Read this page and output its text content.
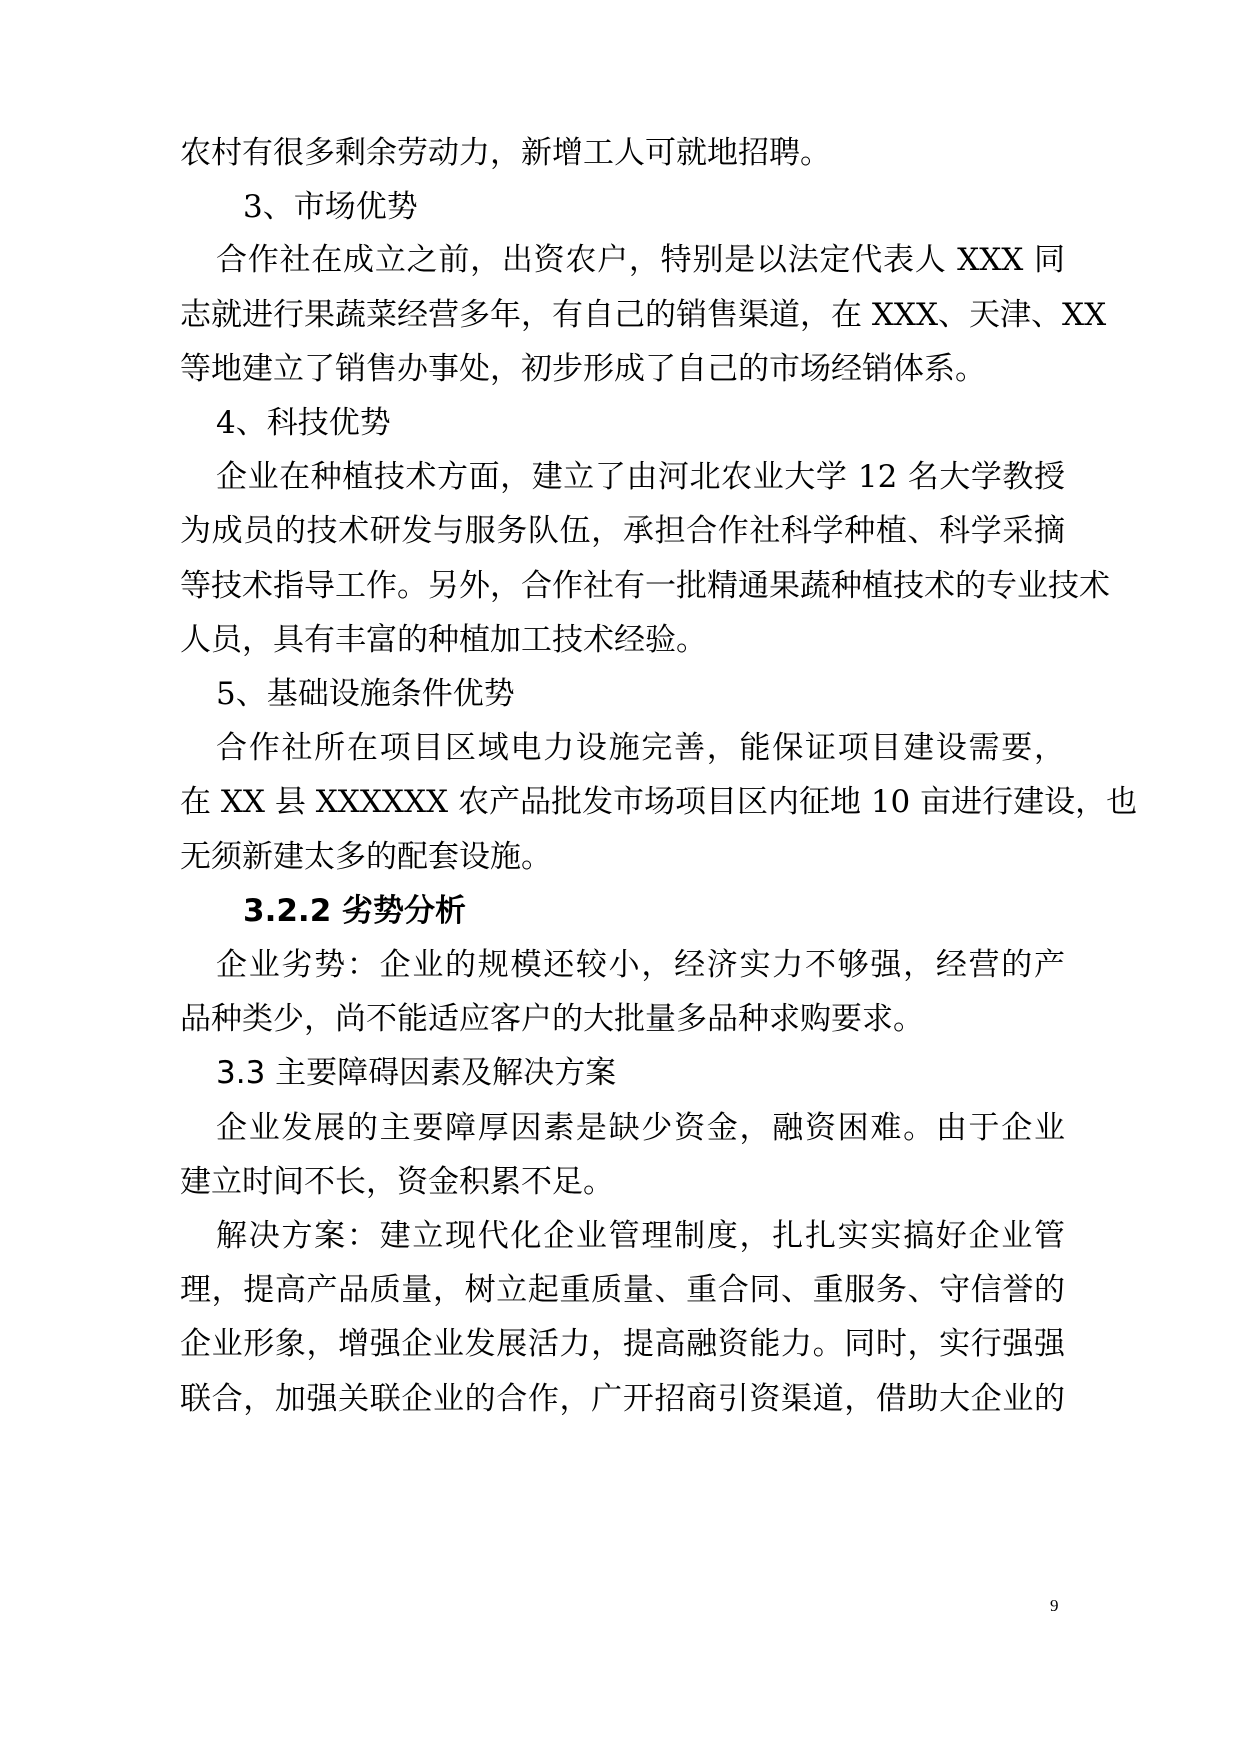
农村有很多剩余劳动力，新增工人可就地招聘。
3、市场优势
合作社在成立之前，出资农户，特别是以法定代表人 XXX 同
志就进行果蔬菜经营多年，有自己的销售渠道，在 XXX、天津、XX
等地建立了销售办事处，初步形成了自己的市场经销体系。
4、科技优势
企业在种植技术方面，建立了由河北农业大学 12 名大学教授
为成员的技术研发与服务队伍，承担合作社科学种植、科学采摘
等技术指导工作。另外，合作社有一批精通果蔬种植技术的专业技术
人员，具有丰富的种植加工技术经验。
5、基础设施条件优势
合作社所在项目区域电力设施完善，能保证项目建设需要，
在 XX 县 XXXXXX 农产品批发市场项目区内征地 10 亩进行建设，也
无须新建太多的配套设施。
3.2.2 劣势分析
企业劣势：企业的规模还较小，经济实力不够强，经营的产
品种类少，尚不能适应客户的大批量多品种求购要求。
3.3 主要障碍因素及解决方案
企业发展的主要障厚因素是缺少资金，融资困难。由于企业
建立时间不长，资金积累不足。
解决方案：建立现代化企业管理制度，扎扎实实搞好企业管
理，提高产品质量，树立起重质量、重合同、重服务、守信誉的
企业形象，增强企业发展活力，提高融资能力。同时，实行强强
联合，加强关联企业的合作，广开招商引资渠道，借助大企业的
9
